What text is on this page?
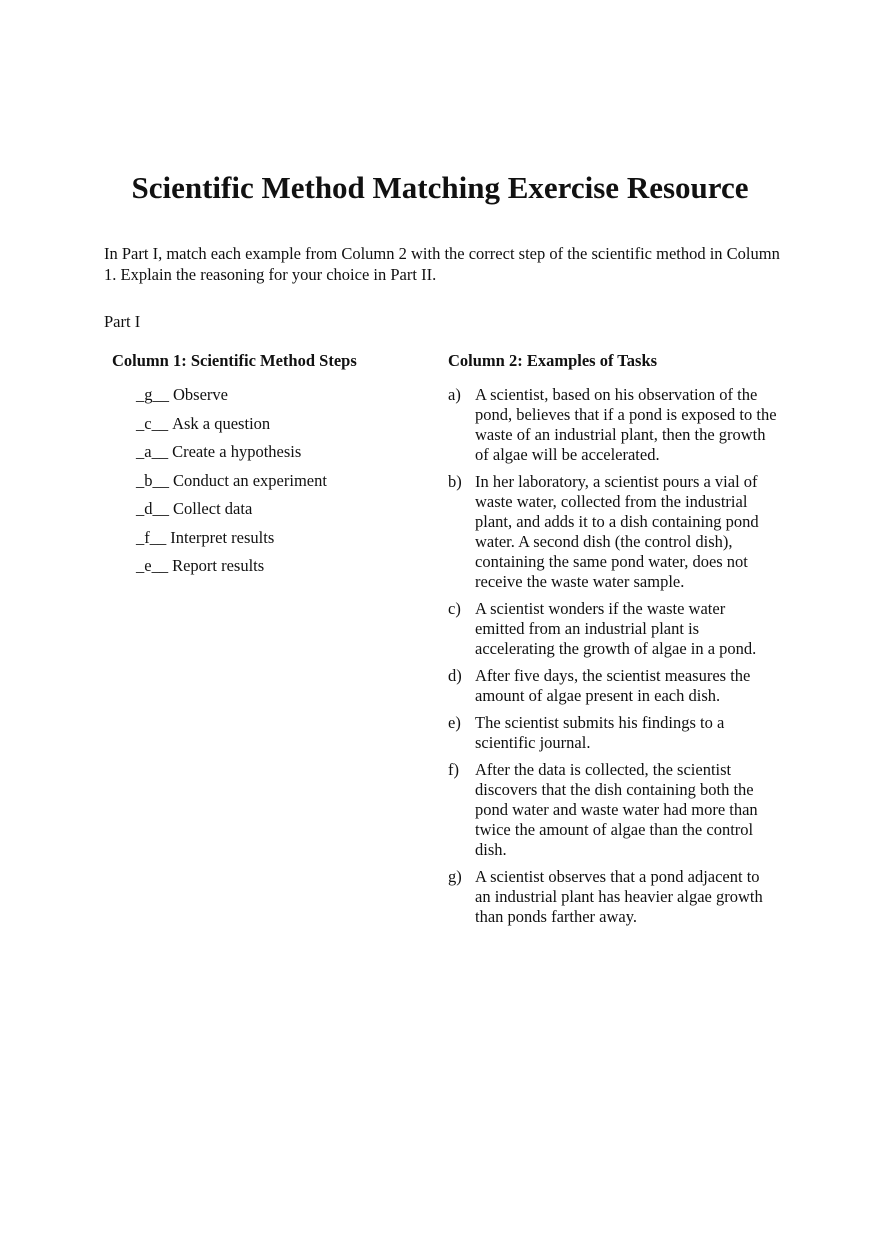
Scientific Method Matching Exercise Resource

In Part I, match each example from Column 2 with the correct step of the scientific method in Column 1. Explain the reasoning for your choice in Part II.

Part I

Column 1: Scientific Method Steps	Column 2: Examples of Tasks
_g__ Observe
_c__ Ask a question
_a__ Create a hypothesis
_b__ Conduct an experiment
_d__ Collect data
_f__ Interpret results
_e__ Report results
a) A scientist, based on his observation of the pond, believes that if a pond is exposed to the waste of an industrial plant, then the growth of algae will be accelerated.
b) In her laboratory, a scientist pours a vial of waste water, collected from the industrial plant, and adds it to a dish containing pond water. A second dish (the control dish), containing the same pond water, does not receive the waste water sample.
c) A scientist wonders if the waste water emitted from an industrial plant is accelerating the growth of algae in a pond.
d) After five days, the scientist measures the amount of algae present in each dish.
e) The scientist submits his findings to a scientific journal.
f) After the data is collected, the scientist discovers that the dish containing both the pond water and waste water had more than twice the amount of algae than the control dish.
g) A scientist observes that a pond adjacent to an industrial plant has heavier algae growth than ponds farther away.
